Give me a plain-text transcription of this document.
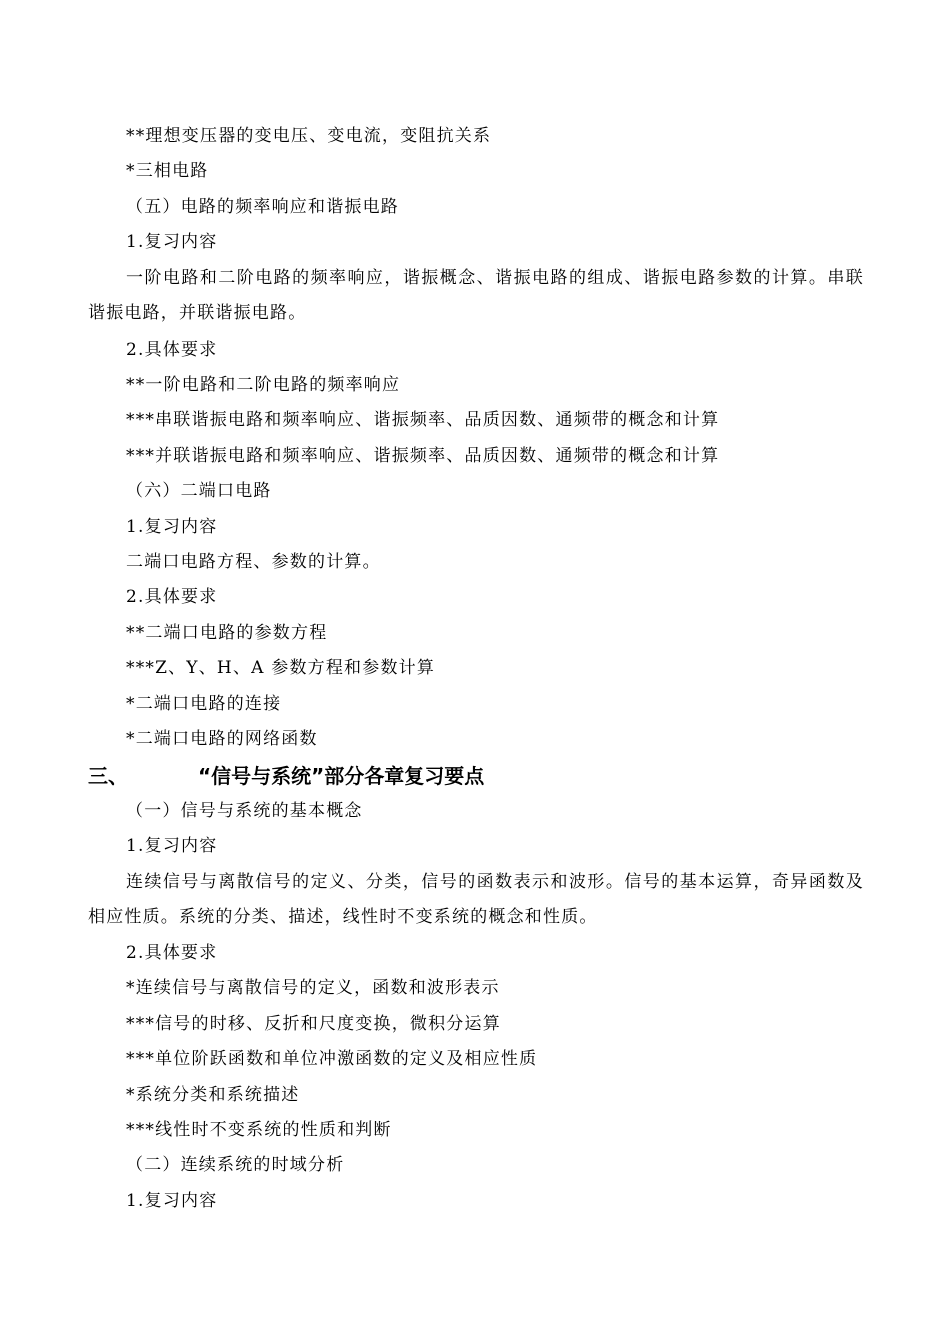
**理想变压器的变电压、变电流，变阻抗关系
*三相电路
（五）电路的频率响应和谐振电路
1.复习内容
一阶电路和二阶电路的频率响应，谐振概念、谐振电路的组成、谐振电路参数的计算。串联谐振电路，并联谐振电路。
2.具体要求
**一阶电路和二阶电路的频率响应
***串联谐振电路和频率响应、谐振频率、品质因数、通频带的概念和计算
***并联谐振电路和频率响应、谐振频率、品质因数、通频带的概念和计算
（六）二端口电路
1.复习内容
二端口电路方程、参数的计算。
2.具体要求
**二端口电路的参数方程
***Z、Y、H、A 参数方程和参数计算
*二端口电路的连接
*二端口电路的网络函数
三、	“信号与系统”部分各章复习要点
（一）信号与系统的基本概念
1.复习内容
连续信号与离散信号的定义、分类，信号的函数表示和波形。信号的基本运算，奇异函数及相应性质。系统的分类、描述，线性时不变系统的概念和性质。
2.具体要求
*连续信号与离散信号的定义，函数和波形表示
***信号的时移、反折和尺度变换，微积分运算
***单位阶跃函数和单位冲激函数的定义及相应性质
*系统分类和系统描述
***线性时不变系统的性质和判断
（二）连续系统的时域分析
1.复习内容
